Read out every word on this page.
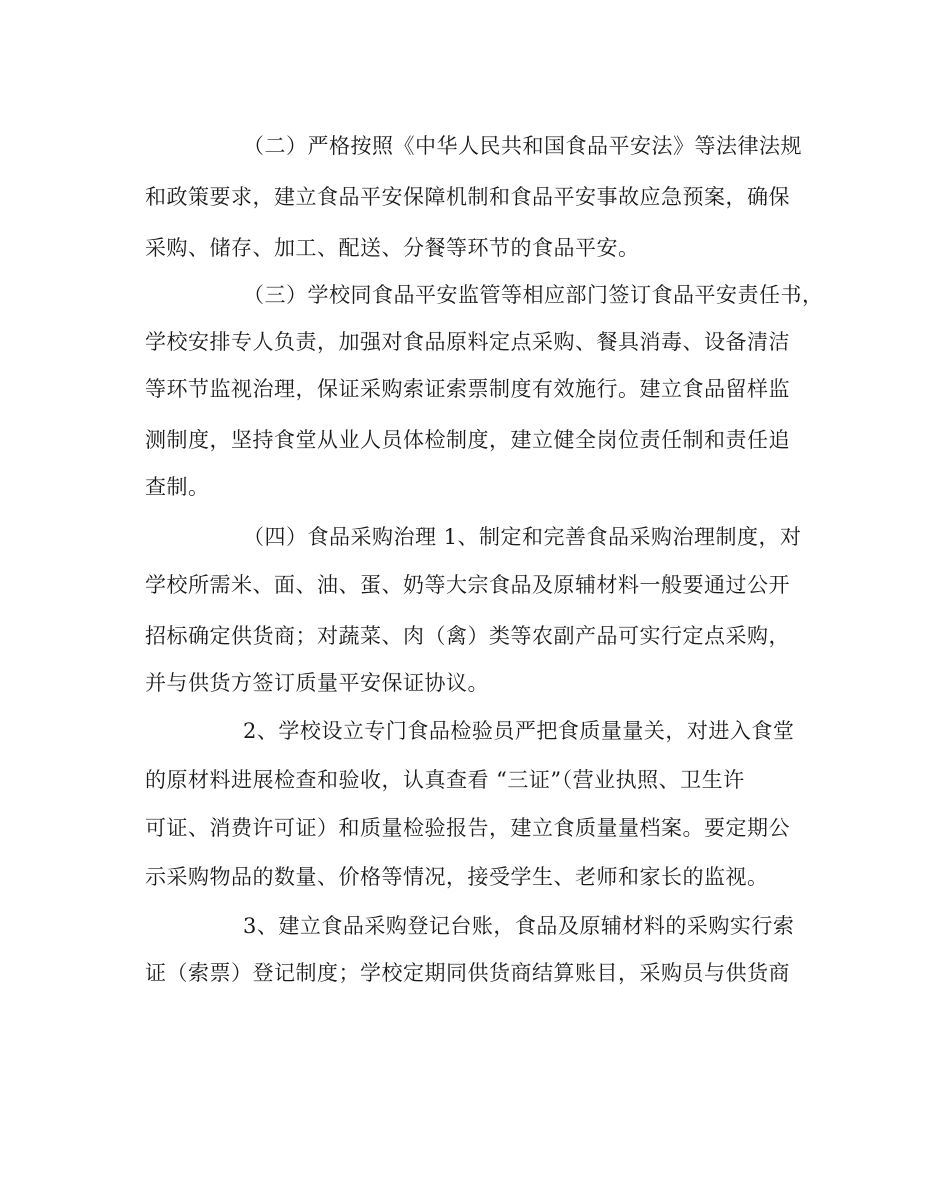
（二）严格按照《中华人民共和国食品平安法》等法律法规
和政策要求，建立食品平安保障机制和食品平安事故应急预案，确保
采购、储存、加工、配送、分餐等环节的食品平安。
（三）学校同食品平安监管等相应部门签订食品平安责任书，
学校安排专人负责，加强对食品原料定点采购、餐具消毒、设备清洁
等环节监视治理，保证采购索证索票制度有效施行。建立食品留样监
测制度，坚持食堂从业人员体检制度，建立健全岗位责任制和责任追
查制。
（四）食品采购治理 1、制定和完善食品采购治理制度，对
学校所需米、面、油、蛋、奶等大宗食品及原辅材料一般要通过公开
招标确定供货商；对蔬菜、肉（禽）类等农副产品可实行定点采购，
并与供货方签订质量平安保证协议。
2、学校设立专门食品检验员严把食质量量关，对进入食堂
的原材料进展检查和验收，认真查看 “三证”（营业执照、卫生许
可证、消费许可证）和质量检验报告，建立食质量量档案。要定期公
示采购物品的数量、价格等情况，接受学生、老师和家长的监视。
3、建立食品采购登记台账，食品及原辅材料的采购实行索
证（索票）登记制度；学校定期同供货商结算账目，采购员与供货商
